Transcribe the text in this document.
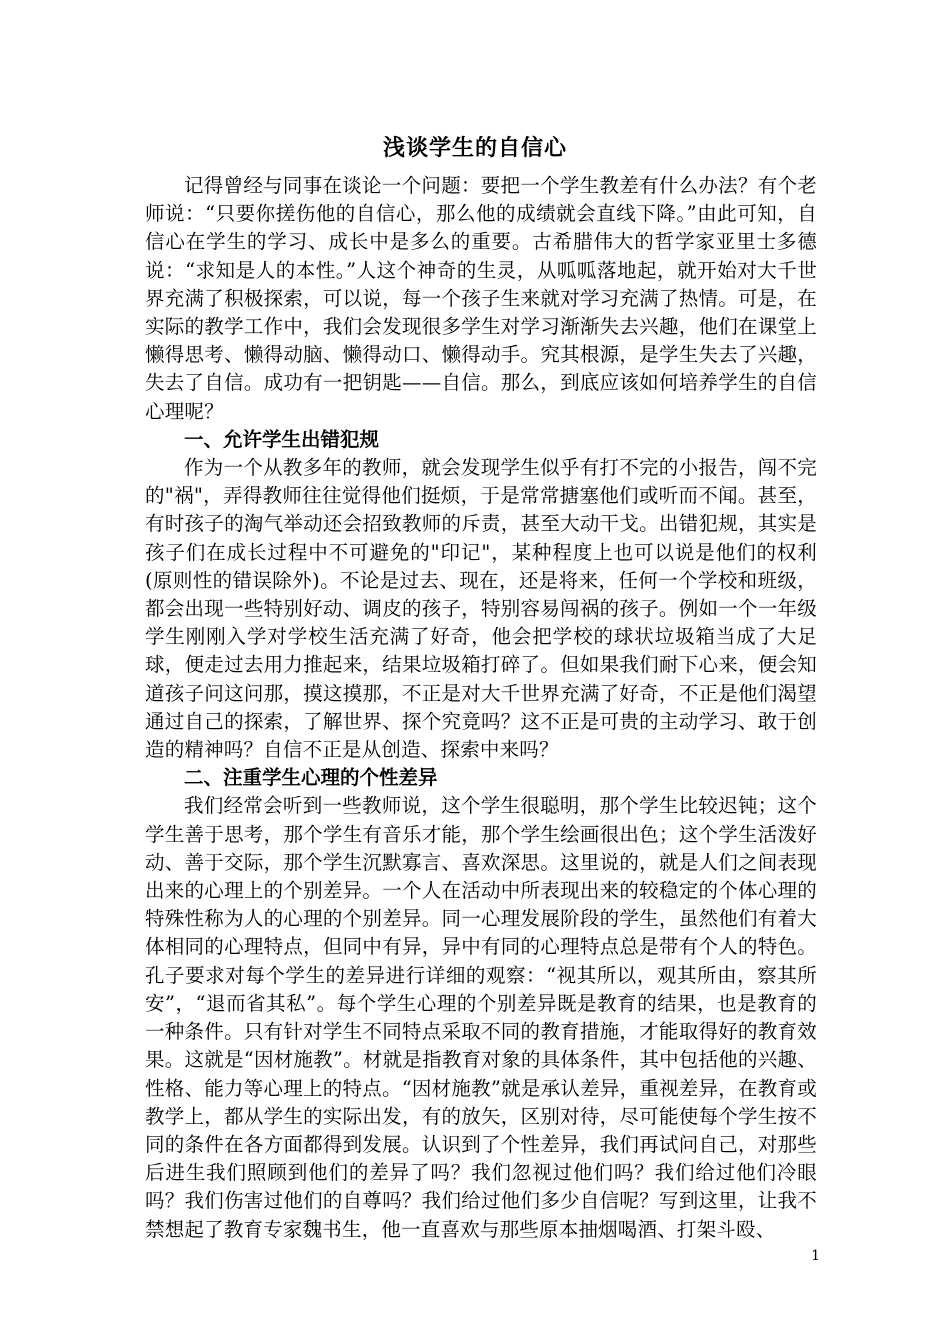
浅谈学生的自信心

记得曾经与同事在谈论一个问题：要把一个学生教差有什么办法？有个老师说：“只要你搓伤他的自信心，那么他的成绩就会直线下降。”由此可知，自信心在学生的学习、成长中是多么的重要。古希腊伟大的哲学家亚里士多德说：“求知是人的本性。”人这个神奇的生灵，从呱呱落地起，就开始对大千世界充满了积极探索，可以说，每一个孩子生来就对学习充满了热情。可是，在实际的教学工作中，我们会发现很多学生对学习渐渐失去兴趣，他们在课堂上懒得思考、懒得动脑、懒得动口、懒得动手。究其根源，是学生失去了兴趣，失去了自信。成功有一把钥匙——自信。那么，到底应该如何培养学生的自信心理呢？

一、允许学生出错犯规

作为一个从教多年的教师，就会发现学生似乎有打不完的小报告，闯不完的"祸"，弄得教师往往觉得他们挺烦，于是常常搪塞他们或听而不闻。甚至，有时孩子的淘气举动还会招致教师的斥责，甚至大动干戈。出错犯规，其实是孩子们在成长过程中不可避免的"印记"，某种程度上也可以说是他们的权利(原则性的错误除外)。不论是过去、现在，还是将来，任何一个学校和班级，都会出现一些特别好动、调皮的孩子，特别容易闯祸的孩子。例如一个一年级学生刚刚入学对学校生活充满了好奇，他会把学校的球状垃圾箱当成了大足球，便走过去用力推起来，结果垃圾箱打碎了。但如果我们耐下心来，便会知道孩子问这问那，摸这摸那，不正是对大千世界充满了好奇，不正是他们渴望通过自己的探索，了解世界、探个究竟吗？这不正是可贵的主动学习、敢于创造的精神吗？自信不正是从创造、探索中来吗？

二、注重学生心理的个性差异

我们经常会听到一些教师说，这个学生很聪明，那个学生比较迟钝；这个学生善于思考，那个学生有音乐才能，那个学生绘画很出色；这个学生活泼好动、善于交际，那个学生沉默寡言、喜欢深思。这里说的，就是人们之间表现出来的心理上的个别差异。一个人在活动中所表现出来的较稳定的个体心理的特殊性称为人的心理的个别差异。同一心理发展阶段的学生，虽然他们有着大体相同的心理特点，但同中有异，异中有同的心理特点总是带有个人的特色。孔子要求对每个学生的差异进行详细的观察：“视其所以，观其所由，察其所安”，“退而省其私”。每个学生心理的个别差异既是教育的结果，也是教育的一种条件。只有针对学生不同特点采取不同的教育措施，才能取得好的教育效果。这就是“因材施教”。材就是指教育对象的具体条件，其中包括他的兴趣、性格、能力等心理上的特点。“因材施教”就是承认差异，重视差异，在教育或教学上，都从学生的实际出发，有的放矢，区别对待，尽可能使每个学生按不同的条件在各方面都得到发展。认识到了个性差异，我们再试问自己，对那些后进生我们照顾到他们的差异了吗？我们忽视过他们吗？我们给过他们冷眼吗？我们伤害过他们的自尊吗？我们给过他们多少自信呢？写到这里，让我不禁想起了教育专家魏书生，他一直喜欢与那些原本抽烟喝酒、打架斗殴、

1
